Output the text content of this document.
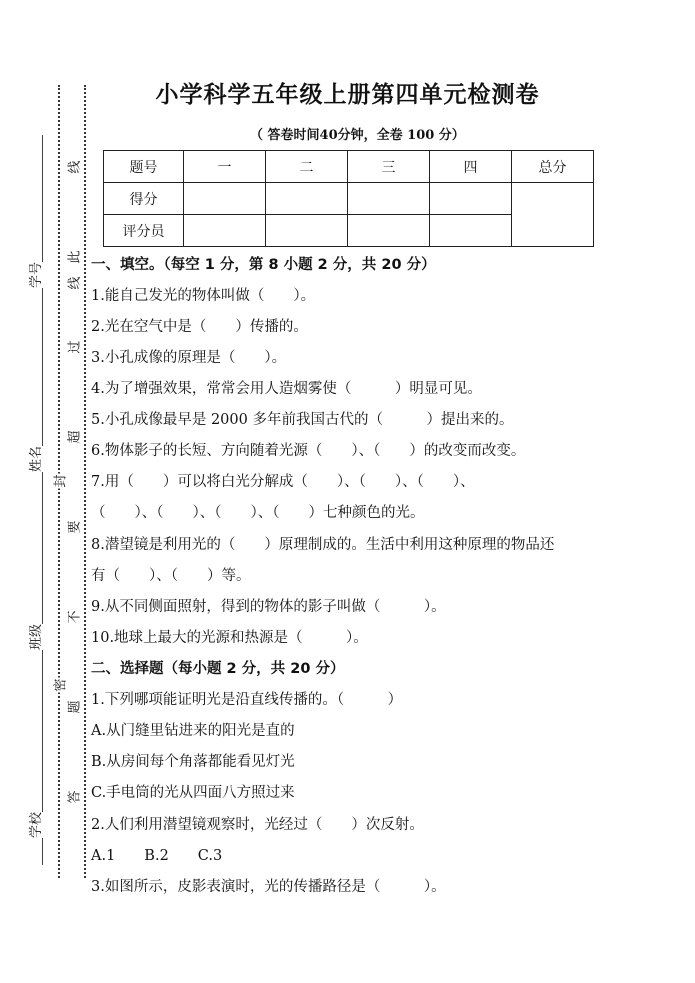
线
此
线
过
超
封
要
不
密
题
答
学号
姓名
班级
学校
小学科学五年级上册第四单元检测卷
（ 答卷时间40分钟，全卷 100 分）
题号	一	二	三	四	总分
得分					
评分员					
一、填空。（每空 1 分，第 8 小题 2 分，共 20 分）
1.能自己发光的物体叫做（　　）。
2.光在空气中是（　　）传播的。
3.小孔成像的原理是（　　）。
4.为了增强效果，常常会用人造烟雾使（　　　）明显可见。
5.小孔成像最早是 2000 多年前我国古代的（　　　）提出来的。
6.物体影子的长短、方向随着光源（　　）、（　　）的改变而改变。
7.用（　　）可以将白光分解成（　　）、（　　）、（　　）、
（　　）、（　　）、（　　）、（　　）七种颜色的光。
8.潜望镜是利用光的（　　）原理制成的。生活中利用这种原理的物品还
有（　　）、（　　）等。
9.从不同侧面照射，得到的物体的影子叫做（　　　）。
10.地球上最大的光源和热源是（　　　）。
二、选择题（每小题 2 分，共 20 分）
1.下列哪项能证明光是沿直线传播的。（　　　）
A.从门缝里钻进来的阳光是直的
B.从房间每个角落都能看见灯光
C.手电筒的光从四面八方照过来
2.人们利用潜望镜观察时，光经过（　　）次反射。
A.1　　B.2　　C.3
3.如图所示，皮影表演时，光的传播路径是（　　　）。
